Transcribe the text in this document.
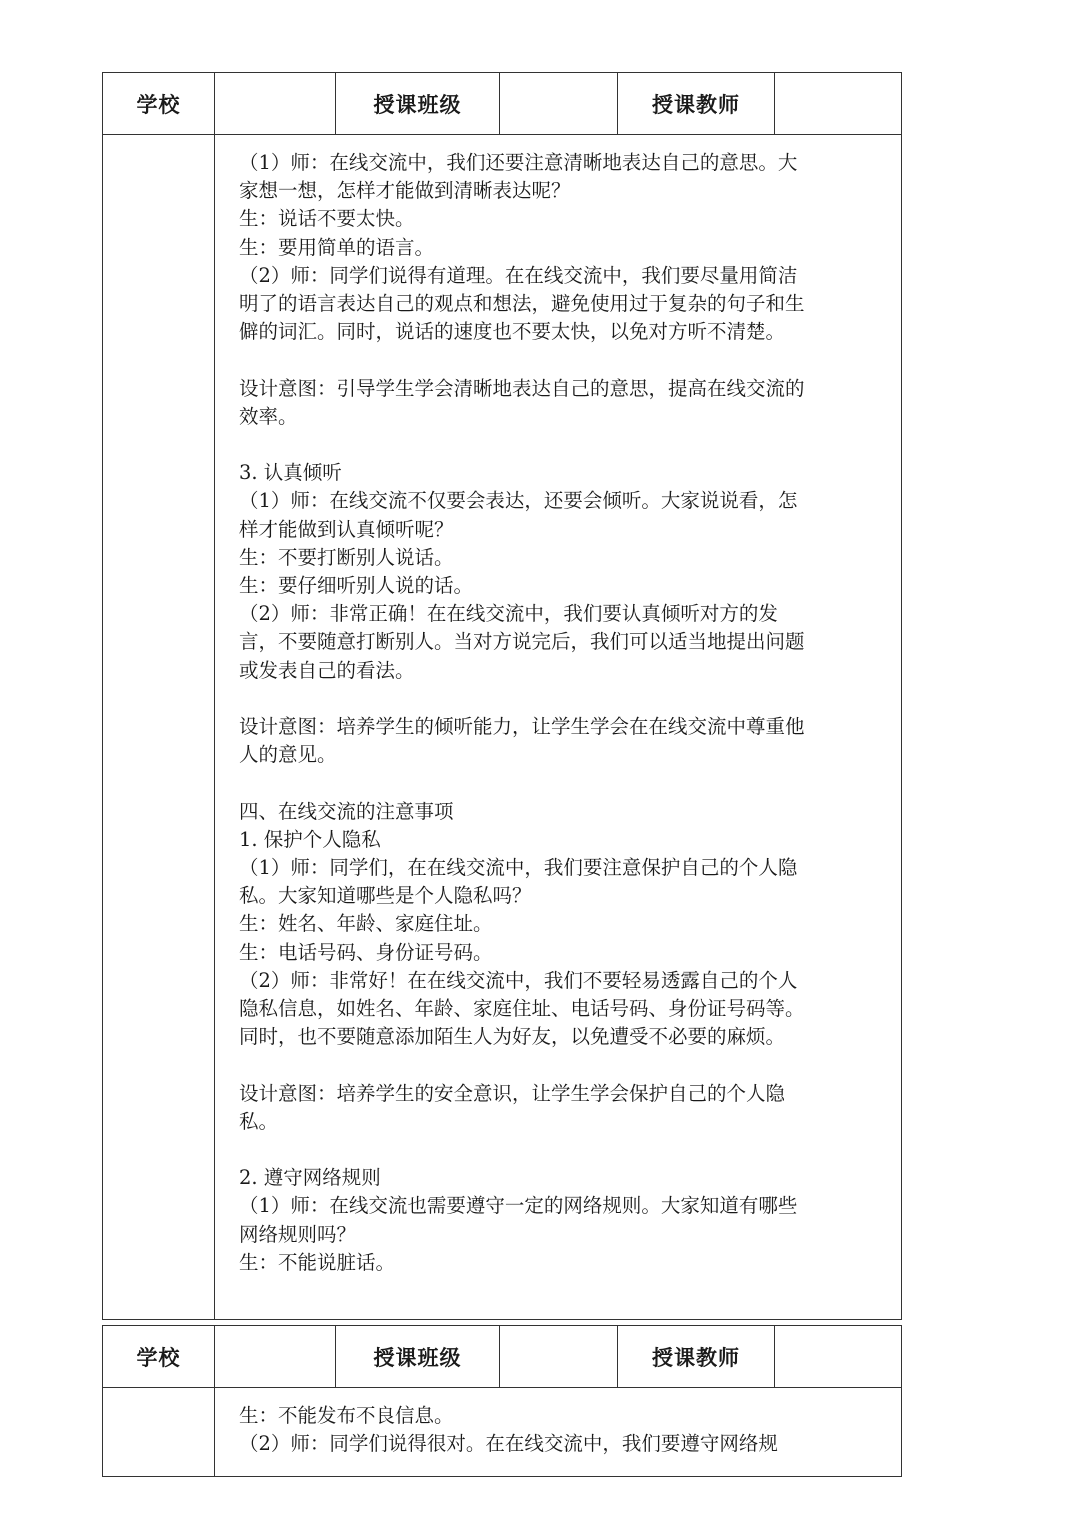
学校	授课班级	授课教师

（1）师：在线交流中，我们还要注意清晰地表达自己的意思。大

家想一想，怎样才能做到清晰表达呢？

生：说话不要太快。

生：要用简单的语言。

（2）师：同学们说得有道理。在在线交流中，我们要尽量用简洁

明了的语言表达自己的观点和想法，避免使用过于复杂的句子和生

僻的词汇。同时，说话的速度也不要太快，以免对方听不清楚。

设计意图：引导学生学会清晰地表达自己的意思，提高在线交流的

效率。

3. 认真倾听

（1）师：在线交流不仅要会表达，还要会倾听。大家说说看，怎

样才能做到认真倾听呢？

生：不要打断别人说话。

生：要仔细听别人说的话。

（2）师：非常正确！在在线交流中，我们要认真倾听对方的发

言，不要随意打断别人。当对方说完后，我们可以适当地提出问题

或发表自己的看法。

设计意图：培养学生的倾听能力，让学生学会在在线交流中尊重他

人的意见。

四、在线交流的注意事项

1. 保护个人隐私

（1）师：同学们，在在线交流中，我们要注意保护自己的个人隐

私。大家知道哪些是个人隐私吗？

生：姓名、年龄、家庭住址。

生：电话号码、身份证号码。

（2）师：非常好！在在线交流中，我们不要轻易透露自己的个人

隐私信息，如姓名、年龄、家庭住址、电话号码、身份证号码等。

同时，也不要随意添加陌生人为好友，以免遭受不必要的麻烦。

设计意图：培养学生的安全意识，让学生学会保护自己的个人隐

私。

2. 遵守网络规则

（1）师：在线交流也需要遵守一定的网络规则。大家知道有哪些

网络规则吗？

生：不能说脏话。

学校	授课班级	授课教师

生：不能发布不良信息。

（2）师：同学们说得很对。在在线交流中，我们要遵守网络规
